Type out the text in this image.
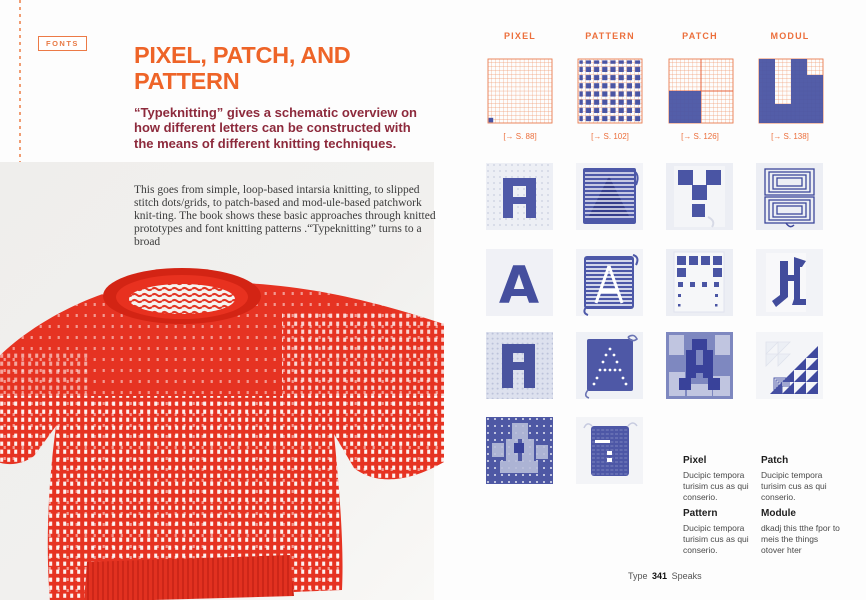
FONTS	PIXEL, PATCH, AND PATTERN

“Typeknitting” gives a schematic overview on how different letters can be constructed with the means of different knitting techniques.

This goes from simple, loop-based intarsia knitting, to slipped stitch dots/grids, to patch-based and mod-ule-based patchwork knit-ting. The book shows these basic approaches through knitted prototypes and font knitting patterns .“Typeknitting” turns to a broad

PIXEL	PATTERN	PATCH	MODUL
[→ S. 88]	[→ S. 102]	[→ S. 126]	[→ S. 138]
A
Pixel

Ducipic tempora turisim cus as qui conserio.

Patch

Ducipic tempora turisim cus as qui conserio.

Pattern

Ducipic tempora turisim cus as qui conserio.

Module

dkadj this tthe fpor to meis the things otover hter

Type 341 Speaks
